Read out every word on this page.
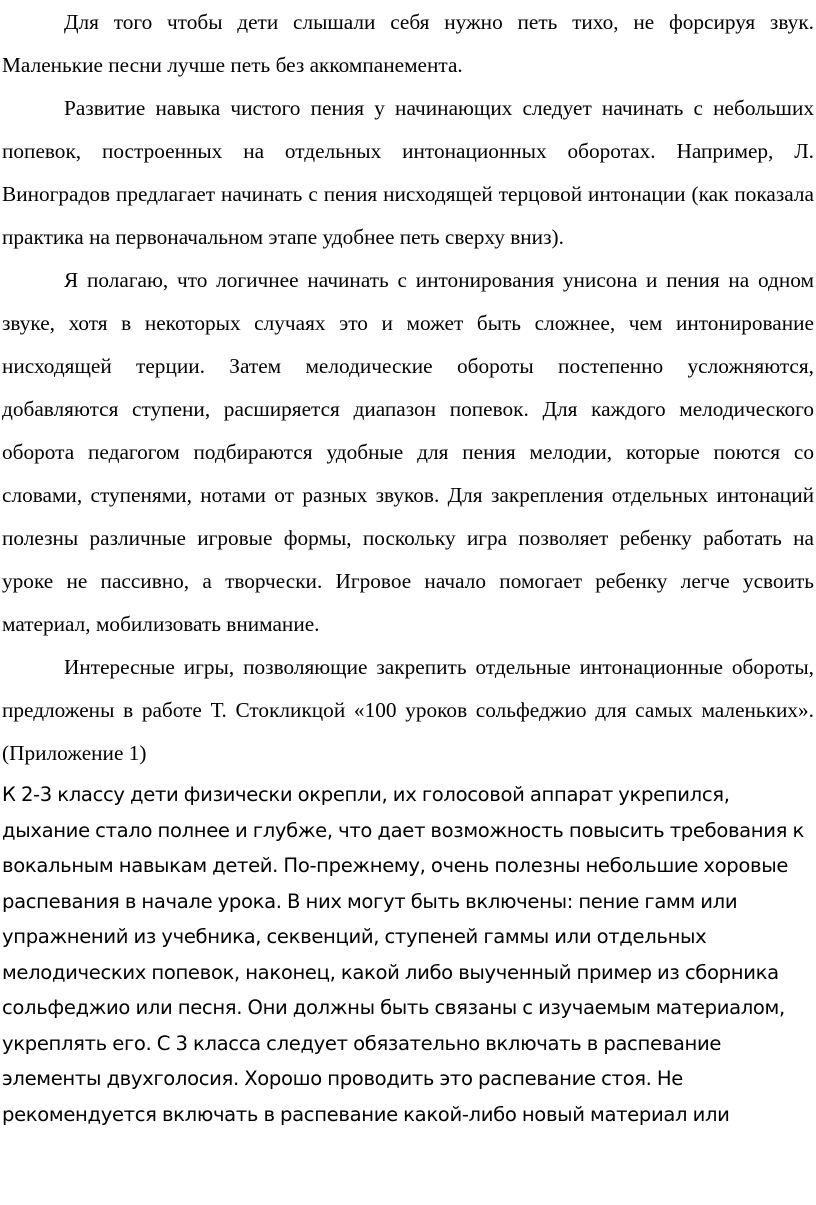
Для того чтобы дети слышали себя нужно петь тихо, не форсируя звук. Маленькие песни лучше петь без аккомпанемента.

Развитие навыка чистого пения у начинающих следует начинать с небольших попевок, построенных на отдельных интонационных оборотах. Например, Л. Виноградов предлагает начинать с пения нисходящей терцовой интонации (как показала практика на первоначальном этапе удобнее петь сверху вниз).

Я полагаю, что логичнее начинать с интонирования унисона и пения на одном звуке, хотя в некоторых случаях это и может быть сложнее, чем интонирование нисходящей терции. Затем мелодические обороты постепенно усложняются, добавляются ступени, расширяется диапазон попевок. Для каждого мелодического оборота педагогом подбираются удобные для пения мелодии, которые поются со словами, ступенями, нотами от разных звуков. Для закрепления отдельных интонаций полезны различные игровые формы, поскольку игра позволяет ребенку работать на уроке не пассивно, а творчески. Игровое начало помогает ребенку легче усвоить материал, мобилизовать внимание.

Интересные игры, позволяющие закрепить отдельные интонационные обороты, предложены в работе Т. Стокликцой «100 уроков сольфеджио для самых маленьких». (Приложение 1)

К 2-3 классу дети физически окрепли, их голосовой аппарат укрепился, дыхание стало полнее и глубже, что дает возможность повысить требования к вокальным навыкам детей. По-прежнему, очень полезны небольшие хоровые распевания в начале урока. В них могут быть включены: пение гамм или упражнений из учебника, секвенций, ступеней гаммы или отдельных мелодических попевок, наконец, какой либо выученный пример из сборника сольфеджио или песня. Они должны быть связаны с изучаемым материалом, укреплять его. С 3 класса следует обязательно включать в распевание элементы двухголосия. Хорошо проводить это распевание стоя. Не рекомендуется включать в распевание какой-либо новый материал или
